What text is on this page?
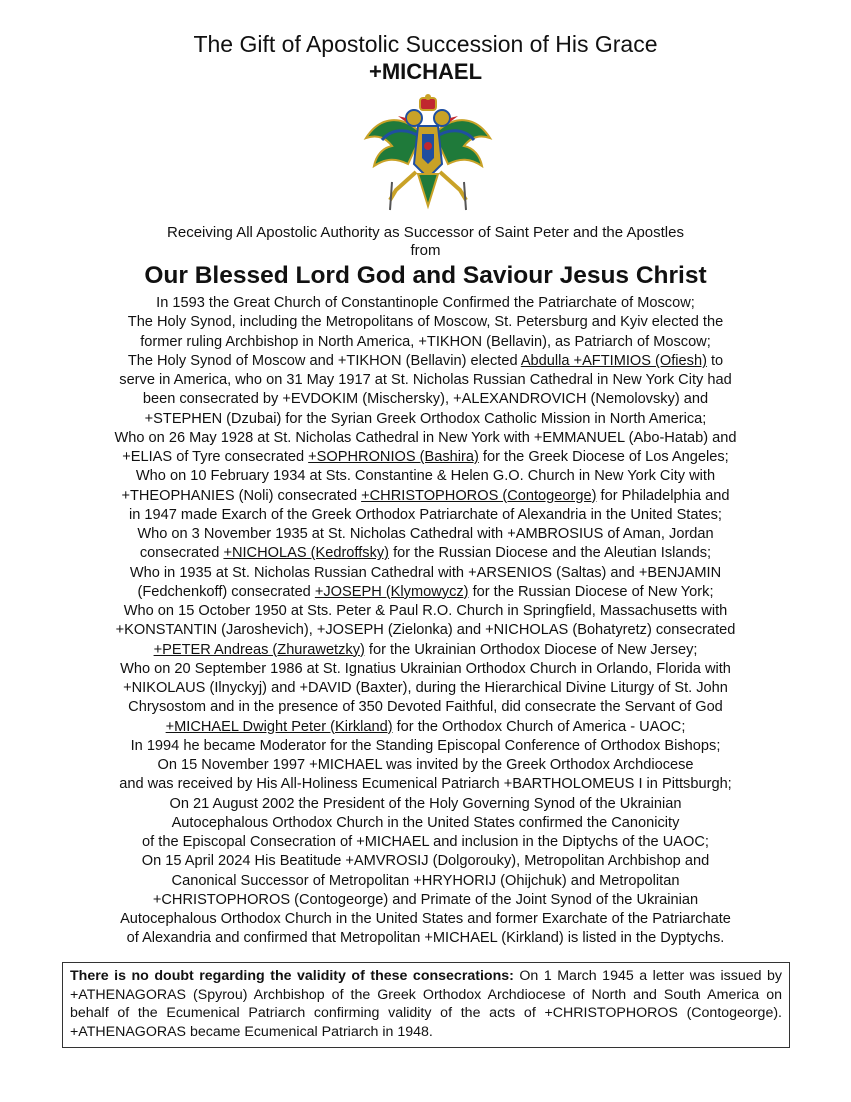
The Gift of Apostolic Succession of His Grace
+MICHAEL
Receiving All Apostolic Authority as Successor of Saint Peter and the Apostles
from
Our Blessed Lord God and Saviour Jesus Christ
In 1593 the Great Church of Constantinople Confirmed the Patriarchate of Moscow;
The Holy Synod, including the Metropolitans of Moscow, St. Petersburg and Kyiv elected the
former ruling Archbishop in North America, +TIKHON (Bellavin), as Patriarch of Moscow;
The Holy Synod of Moscow and +TIKHON (Bellavin) elected Abdulla +AFTIMIOS (Ofiesh) to
serve in America, who on 31 May 1917 at St. Nicholas Russian Cathedral in New York City had
been consecrated by +EVDOKIM (Mischersky), +ALEXANDROVICH (Nemolovsky) and
+STEPHEN (Dzubai) for the Syrian Greek Orthodox Catholic Mission in North America;
Who on 26 May 1928 at St. Nicholas Cathedral in New York with +EMMANUEL (Abo-Hatab) and
+ELIAS of Tyre consecrated +SOPHRONIOS (Bashira) for the Greek Diocese of Los Angeles;
Who on 10 February 1934 at Sts. Constantine & Helen G.O. Church in New York City with
+THEOPHANIES (Noli) consecrated +CHRISTOPHOROS (Contogeorge) for Philadelphia and
in 1947 made Exarch of the Greek Orthodox Patriarchate of Alexandria in the United States;
Who on 3 November 1935 at St. Nicholas Cathedral with +AMBROSIUS of Aman, Jordan
consecrated +NICHOLAS (Kedroffsky) for the Russian Diocese and the Aleutian Islands;
Who in 1935 at St. Nicholas Russian Cathedral with +ARSENIOS (Saltas) and +BENJAMIN
(Fedchenkoff) consecrated +JOSEPH (Klymowycz) for the Russian Diocese of New York;
Who on 15 October 1950 at Sts. Peter & Paul R.O. Church in Springfield, Massachusetts with
+KONSTANTIN (Jaroshevich), +JOSEPH (Zielonka) and +NICHOLAS (Bohatyretz) consecrated
+PETER Andreas (Zhurawetzky) for the Ukrainian Orthodox Diocese of New Jersey;
Who on 20 September 1986 at St. Ignatius Ukrainian Orthodox Church in Orlando, Florida with
+NIKOLAUS (Ilnyckyj) and +DAVID (Baxter), during the Hierarchical Divine Liturgy of St. John
Chrysostom and in the presence of 350 Devoted Faithful, did consecrate the Servant of God
+MICHAEL Dwight Peter (Kirkland) for the Orthodox Church of America - UAOC;
In 1994 he became Moderator for the Standing Episcopal Conference of Orthodox Bishops;
On 15 November 1997 +MICHAEL was invited by the Greek Orthodox Archdiocese
and was received by His All-Holiness Ecumenical Patriarch +BARTHOLOMEUS I in Pittsburgh;
On 21 August 2002 the President of the Holy Governing Synod of the Ukrainian
Autocephalous Orthodox Church in the United States confirmed the Canonicity
of the Episcopal Consecration of +MICHAEL and inclusion in the Diptychs of the UAOC;
On 15 April 2024 His Beatitude +AMVROSIJ (Dolgorouky), Metropolitan Archbishop and
Canonical Successor of Metropolitan +HRYHORIJ (Ohijchuk) and Metropolitan
+CHRISTOPHOROS (Contogeorge) and Primate of the Joint Synod of the Ukrainian
Autocephalous Orthodox Church in the United States and former Exarchate of the Patriarchate
of Alexandria and confirmed that Metropolitan +MICHAEL (Kirkland) is listed in the Dyptychs.
There is no doubt regarding the validity of these consecrations: On 1 March 1945 a letter was issued by +ATHENAGORAS (Spyrou) Archbishop of the Greek Orthodox Archdiocese of North and South America on behalf of the Ecumenical Patriarch confirming validity of the acts of +CHRISTOPHOROS (Contogeorge). +ATHENAGORAS became Ecumenical Patriarch in 1948.
